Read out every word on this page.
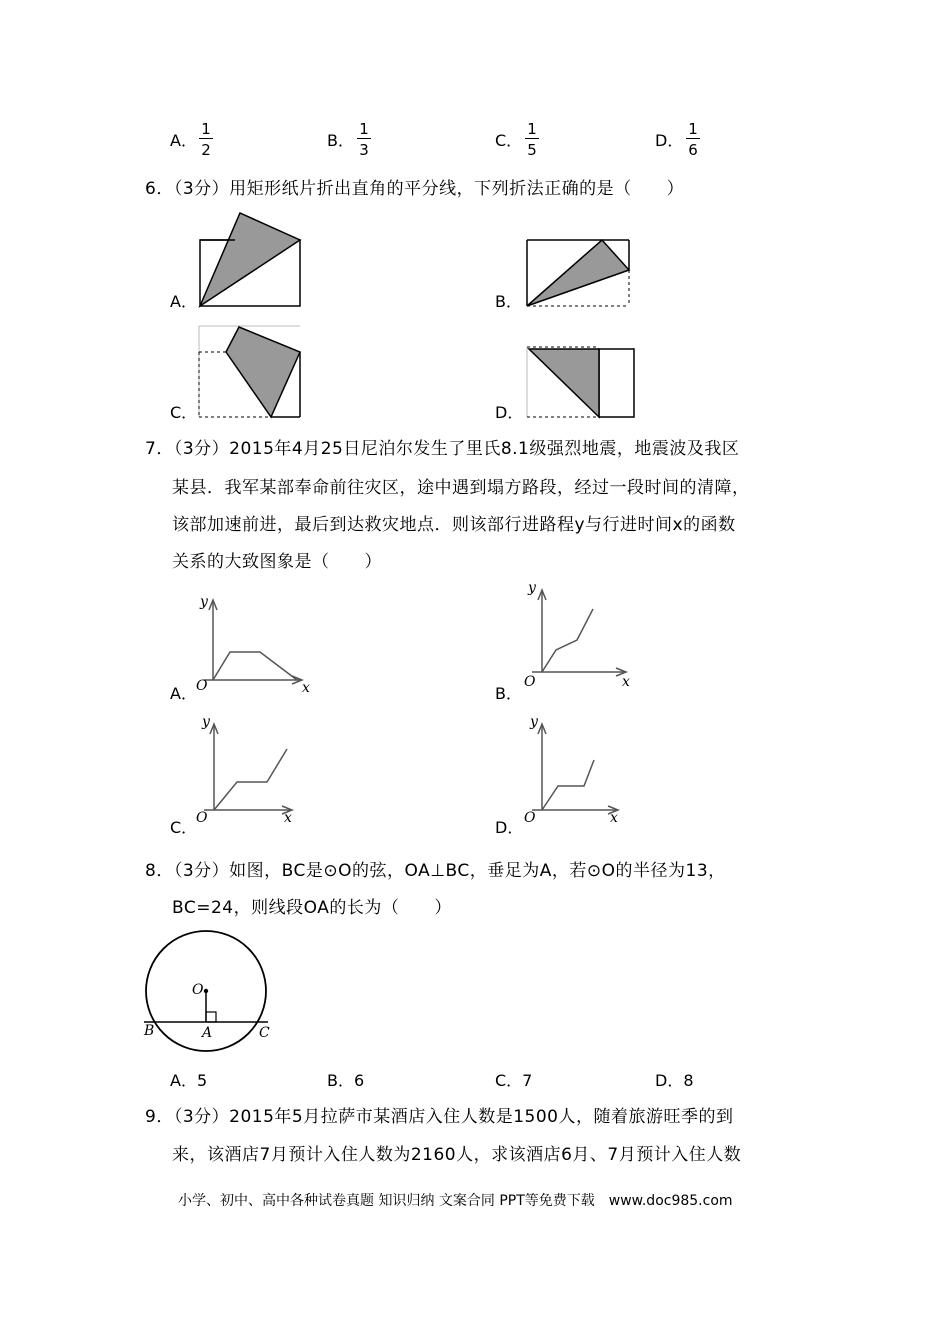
A．
1
2	B．
1
3	C．
1
5	D．
1
6
6．（3分）用矩形纸片折出直角的平分线，下列折法正确的是（　　）
A．	B．
C．	D．
7．（3分）2015年4月25日尼泊尔发生了里氏8.1级强烈地震，地震波及我区
某县．我军某部奉命前往灾区，途中遇到塌方路段，经过一段时间的清障，
该部加速前进，最后到达救灾地点．则该部行进路程y与行进时间x的函数
关系的大致图象是（　　）
A．
y
O	x	B．
y
O	x
C．
y
O	x	D．
y
O	x
8．（3分）如图，BC是⊙O的弦，OA⊥BC，垂足为A，若⊙O的半径为13，
BC=24，则线段OA的长为（　　）
O
A
B	C
A．5	B．6	C．7	D．8
9．（3分）2015年5月拉萨市某酒店入住人数是1500人，随着旅游旺季的到
来，该酒店7月预计入住人数为2160人，求该酒店6月、7月预计入住人数
小学、初中、高中各种试卷真题 知识归纳 文案合同 PPT等免费下载　www.doc985.com
